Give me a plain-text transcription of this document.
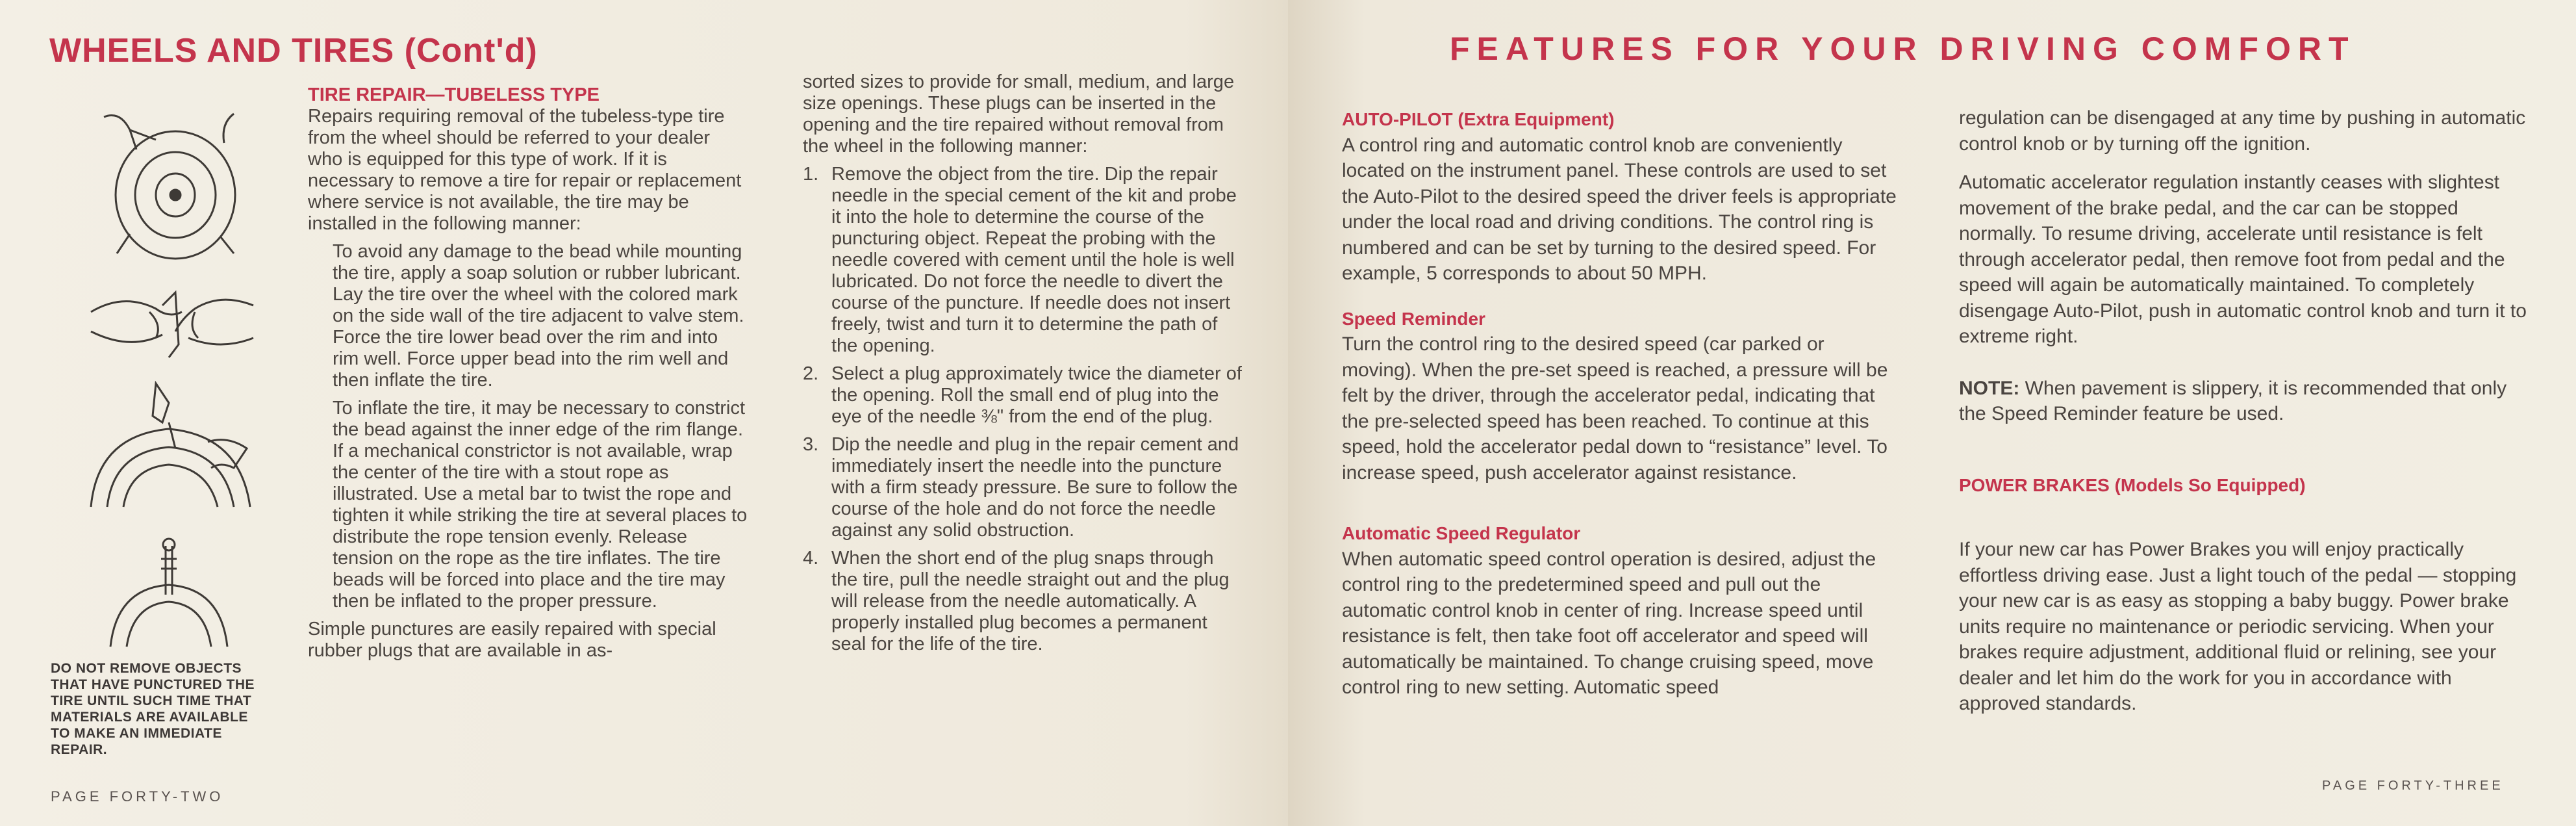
WHEELS AND TIRES (Cont'd)
DO NOT REMOVE OBJECTS THAT HAVE PUNCTURED THE TIRE UNTIL SUCH TIME THAT MATERIALS ARE AVAILABLE TO MAKE AN IMMEDIATE REPAIR.

TIRE REPAIR—TUBELESS TYPE

Repairs requiring removal of the tubeless-type tire from the wheel should be referred to your dealer who is equipped for this type of work. If it is necessary to remove a tire for repair or replacement where service is not available, the tire may be installed in the following manner:

To avoid any damage to the bead while mounting the tire, apply a soap solution or rubber lubricant. Lay the tire over the wheel with the colored mark on the side wall of the tire adjacent to valve stem. Force the tire lower bead over the rim and into rim well. Force upper bead into the rim well and then inflate the tire.

To inflate the tire, it may be necessary to constrict the bead against the inner edge of the rim flange. If a mechanical constrictor is not available, wrap the center of the tire with a stout rope as illustrated. Use a metal bar to twist the rope and tighten it while striking the tire at several places to distribute the rope tension evenly. Release tension on the rope as the tire inflates. The tire beads will be forced into place and the tire may then be inflated to the proper pressure.

Simple punctures are easily repaired with special rubber plugs that are available in as-

sorted sizes to provide for small, medium, and large size openings. These plugs can be inserted in the opening and the tire repaired without removal from the wheel in the following manner:

1. Remove the object from the tire. Dip the repair needle in the special cement of the kit and probe it into the hole to determine the course of the puncturing object. Repeat the probing with the needle covered with cement until the hole is well lubricated. Do not force the needle to divert the course of the puncture. If needle does not insert freely, twist and turn it to determine the path of the opening.
2. Select a plug approximately twice the diameter of the opening. Roll the small end of plug into the eye of the needle ⅜" from the end of the plug.
3. Dip the needle and plug in the repair cement and immediately insert the needle into the puncture with a firm steady pressure. Be sure to follow the course of the hole and do not force the needle against any solid obstruction.
4. When the short end of the plug snaps through the tire, pull the needle straight out and the plug will release from the needle automatically. A properly installed plug becomes a permanent seal for the life of the tire.
PAGE FORTY-TWO
FEATURES FOR YOUR DRIVING COMFORT

AUTO-PILOT (Extra Equipment)

A control ring and automatic control knob are conveniently located on the instrument panel. These controls are used to set the Auto-Pilot to the desired speed the driver feels is appropriate under the local road and driving conditions. The control ring is numbered and can be set by turning to the desired speed. For example, 5 corresponds to about 50 MPH.

Speed Reminder

Turn the control ring to the desired speed (car parked or moving). When the pre-set speed is reached, a pressure will be felt by the driver, through the accelerator pedal, indicating that the pre-selected speed has been reached. To continue at this speed, hold the accelerator pedal down to “resistance” level. To increase speed, push accelerator against resistance.

Automatic Speed Regulator

When automatic speed control operation is desired, adjust the control ring to the predetermined speed and pull out the automatic control knob in center of ring. Increase speed until resistance is felt, then take foot off accelerator and speed will automatically be maintained. To change cruising speed, move control ring to new setting. Automatic speed

regulation can be disengaged at any time by pushing in automatic control knob or by turning off the ignition.

Automatic accelerator regulation instantly ceases with slightest movement of the brake pedal, and the car can be stopped normally. To resume driving, accelerate until resistance is felt through accelerator pedal, then remove foot from pedal and the speed will again be automatically maintained. To completely disengage Auto-Pilot, push in automatic control knob and turn it to extreme right.

NOTE: When pavement is slippery, it is recommended that only the Speed Reminder feature be used.

POWER BRAKES (Models So Equipped)

If your new car has Power Brakes you will enjoy practically effortless driving ease. Just a light touch of the pedal — stopping your new car is as easy as stopping a baby buggy. Power brake units require no maintenance or periodic servicing. When your brakes require adjustment, additional fluid or relining, see your dealer and let him do the work for you in accordance with approved standards.

PAGE FORTY-THREE
